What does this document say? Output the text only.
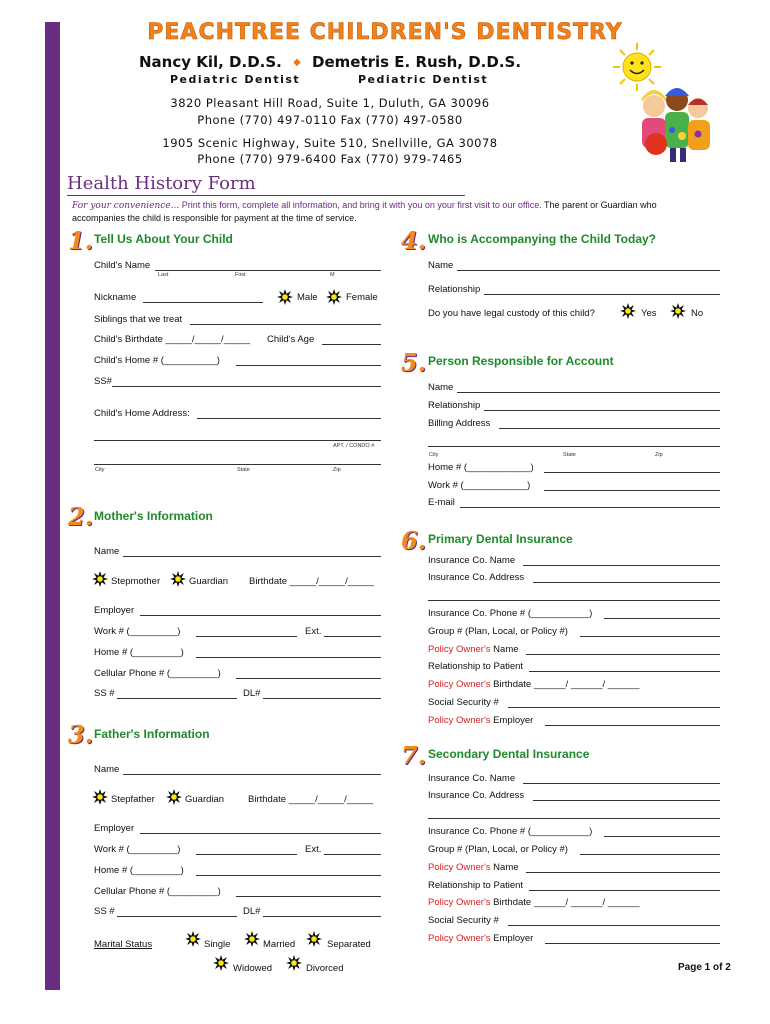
PEACHTREE CHILDREN'S DENTISTRY
Nancy Kil, D.D.S. ◆ Demetris E. Rush, D.D.S.
Pediatric Dentist	Pediatric Dentist
3820 Pleasant Hill Road, Suite 1, Duluth, GA 30096
Phone (770) 497-0110 Fax (770) 497-0580
1905 Scenic Highway, Suite 510, Snellville, GA 30078
Phone (770) 979-6400 Fax (770) 979-7465
Health History Form
For your convenience... Print this form, complete all information, and bring it with you on your first visit to our office. The parent or Guardian who accompanies the child is responsible for payment at the time of service.
1. Tell Us About Your Child
Child's Name
Last	First	M
Nickname	Male	Female
Siblings that we treat
Child's Birthdate _____/_____/_____ Child's Age
Child's Home # (__________)
SS#
Child's Home Address:
APT. / CONDO #
City	State	Zip
2. Mother's Information
Name
Stepmother	Guardian Birthdate _____/_____/_____
Employer
Work # (_________)	Ext.
Home # (_________)
Cellular Phone # (_________)
SS #	DL#
3. Father's Information
Name
Stepfather	Guardian	Birthdate _____/_____/_____
Employer
Work # (_________)	Ext.
Home # (_________)
Cellular Phone # (_________)
SS #	DL#
Marital Status	Single	Married	Separated
Widowed	Divorced
4. Who is Accompanying the Child Today?
Name
Relationship
Do you have legal custody of this child?	Yes	No
5. Person Responsible for Account
Name
Relationship
Billing Address
City	State	Zip
Home # (____________)
Work # (____________)
E-mail
6. Primary Dental Insurance
Insurance Co. Name
Insurance Co. Address
Insurance Co. Phone # (___________)
Group # (Plan, Local, or Policy #)
Policy Owner's Name
Relationship to Patient
Policy Owner's Birthdate ______/ ______/ ______
Social Security #
Policy Owner's Employer
7. Secondary Dental Insurance
Insurance Co. Name
Insurance Co. Address
Insurance Co. Phone # (___________)
Group # (Plan, Local, or Policy #)
Policy Owner's Name
Relationship to Patient
Policy Owner's Birthdate ______/ ______/ ______
Social Security #
Policy Owner's Employer
Page 1 of 2
